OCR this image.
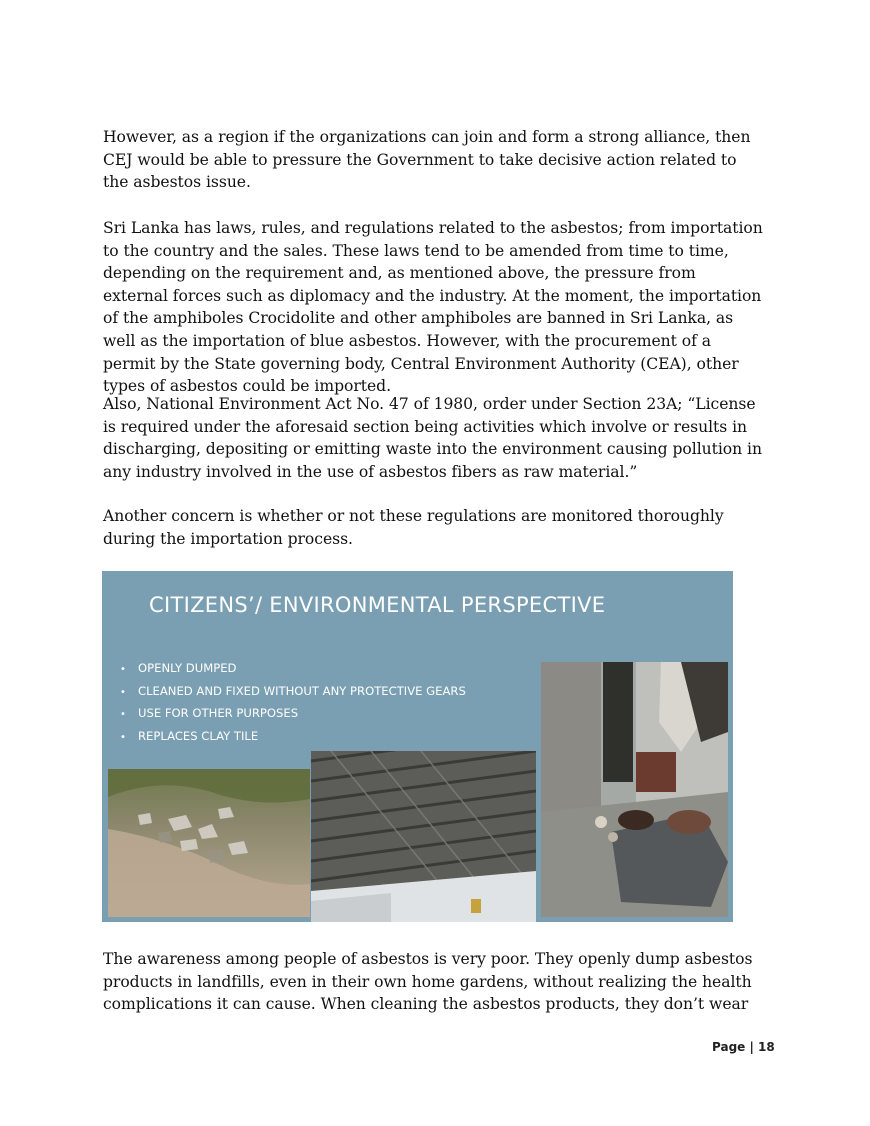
However, as a region if the organizations can join and form a strong alliance, then CEJ would be able to pressure the Government to take decisive action related to the asbestos issue.

Sri Lanka has laws, rules, and regulations related to the asbestos; from importation to the country and the sales. These laws tend to be amended from time to time, depending on the requirement and, as mentioned above, the pressure from external forces such as diplomacy and the industry. At the moment, the importation of the amphiboles Crocidolite and other amphiboles are banned in Sri Lanka, as well as the importation of blue asbestos. However, with the procurement of a permit by the State governing body, Central Environment Authority (CEA), other types of asbestos could be imported.

Also, National Environment Act No. 47 of 1980, order under Section 23A; “License is required under the aforesaid section being activities which involve or results in discharging, depositing or emitting waste into the environment causing pollution in any industry involved in the use of asbestos fibers as raw material.”

Another concern is whether or not these regulations are monitored thoroughly during the importation process.

CITIZENS’/ ENVIRONMENTAL PERSPECTIVE
• OPENLY DUMPED
• CLEANED AND FIXED WITHOUT ANY PROTECTIVE GEARS
• USE FOR OTHER PURPOSES
• REPLACES CLAY TILE

The awareness among people of asbestos is very poor. They openly dump asbestos products in landfills, even in their own home gardens, without realizing the health complications it can cause. When cleaning the asbestos products, they don’t wear

Page | 18
